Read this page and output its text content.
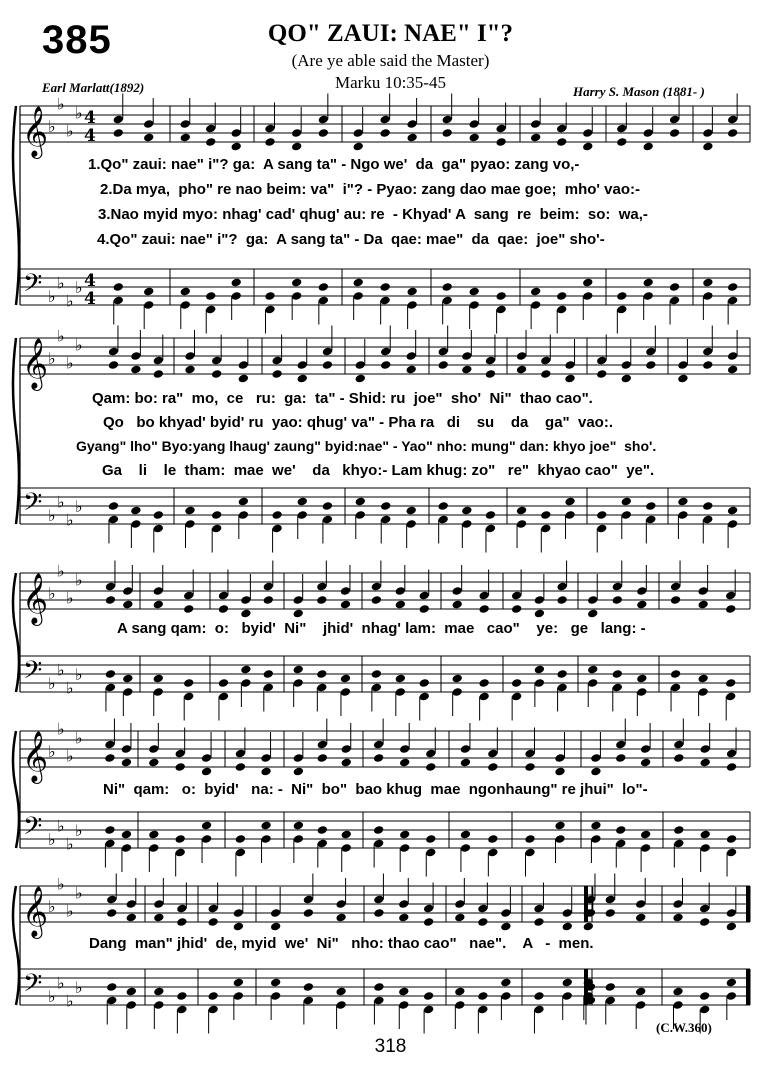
385	QO" ZAUI: NAE" I"?
(Are ye able said the Master)
Marku 10:35-45
Earl Marlatt(1892)	Harry S. Mason (1881- )
𝄞 ♭
♭
♭
♭ 4
4
𝄢 ♭
♭
♭
♭ 4
4
𝄞 ♭
♭
♭
♭
𝄢 ♭
♭
♭
♭
𝄞 ♭
♭
♭
♭
𝄢 ♭
♭
♭
♭
𝄞 ♭
♭
♭
♭
𝄢 ♭
♭
♭
♭
𝄞 ♭
♭
♭
♭
𝄢 ♭
♭
♭
♭
1.Qo" zaui: nae" i"? ga:  A sang ta" - Ngo we'  da  ga" pyao: zang vo,-
2.Da mya,  pho" re nao beim: va"  i"? - Pyao: zang dao mae goe;  mho' vao:-
3.Nao myid myo: nhag' cad' qhug' au: re  - Khyad' A  sang  re  beim:  so:  wa,-
4.Qo" zaui: nae" i"?  ga:  A sang ta" - Da  qae: mae"  da  qae:  joe" sho'-
Qam: bo: ra"  mo,  ce   ru:  ga:  ta" - Shid: ru  joe"  sho'  Ni"  thao cao".
Qo   bo khyad' byid' ru  yao: qhug' va" - Pha ra   di    su    da    ga"  vao:.
Gyang" lho" Byo:yang lhaug' zaung" byid:nae" - Yao" nho: mung" dan: khyo joe"  sho'.
Ga    li    le  tham:  mae  we'    da   khyo:- Lam khug: zo"   re"  khyao cao"  ye".
A sang qam:  o:   byid'  Ni"    jhid'  nhag' lam:  mae   cao"    ye:   ge   lang: -
Ni"  qam:   o:  byid'   na: -  Ni"  bo"  bao khug  mae  ngonhaung" re jhui"  lo"-
Dang  man" jhid'  de, myid  we'  Ni"   nho: thao cao"   nae".    A   -  men.
318
(C.W.360)
